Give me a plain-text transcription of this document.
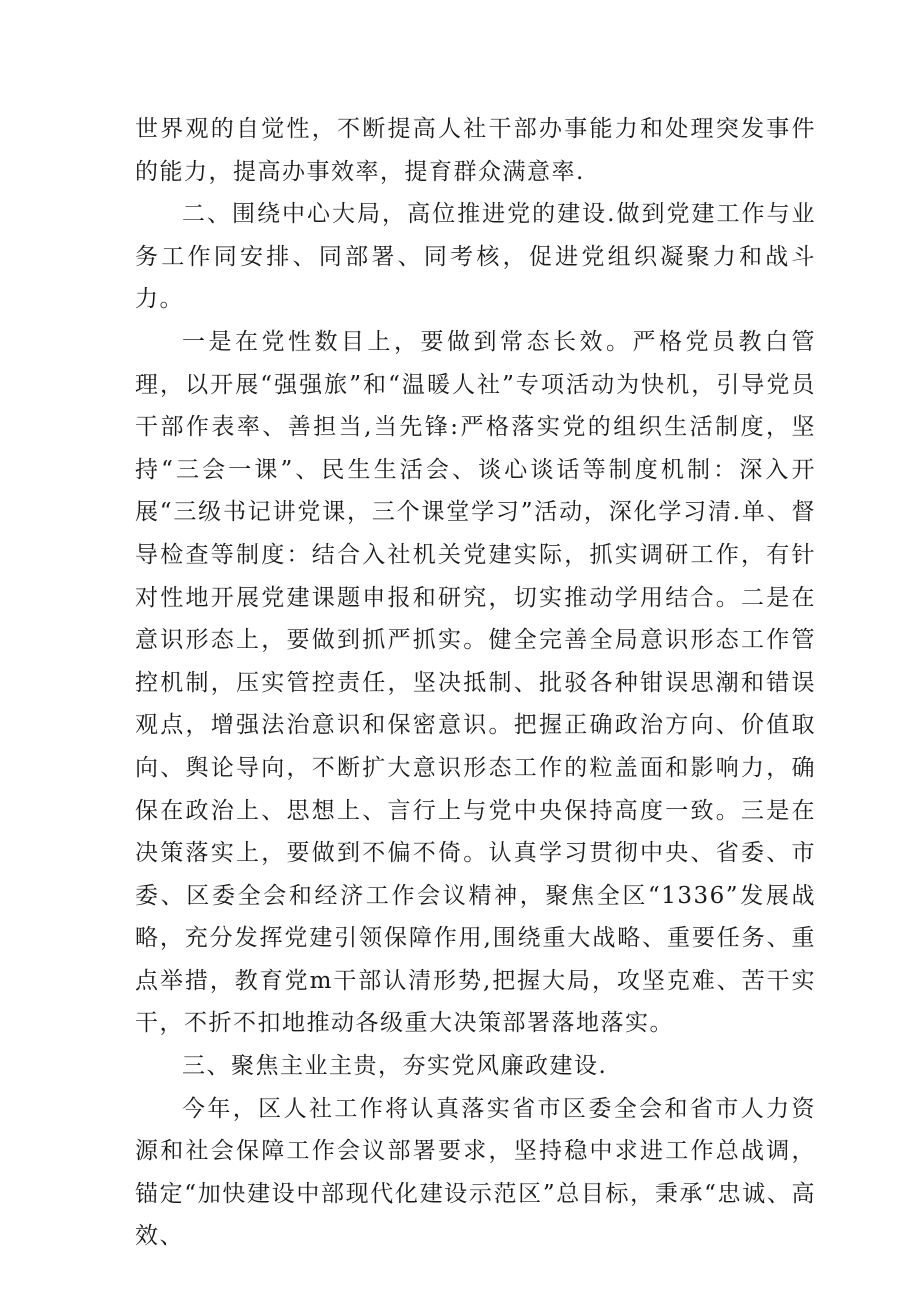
世界观的自觉性，不断提高人社干部办事能力和处理突发事件的能力，提高办事效率，提育群众满意率.

二、围绕中心大局，高位推进党的建设.做到党建工作与业务工作同安排、同部署、同考核，促进党组织凝聚力和战斗力。

一是在党性数目上，要做到常态长效。严格党员教白管理，以开展“强强旅”和“温暖人社”专项活动为快机，引导党员干部作表率、善担当,当先锋:严格落实党的组织生活制度，坚持“三会一课”、民生生活会、谈心谈话等制度机制：深入开展“三级书记讲党课，三个课堂学习”活动，深化学习清.单、督导检查等制度：结合入社机关党建实际，抓实调研工作，有针对性地开展党建课题申报和研究，切实推动学用结合。二是在意识形态上，要做到抓严抓实。健全完善全局意识形态工作管控机制，压实管控责任，坚决抵制、批驳各种钳误思潮和错误观点，增强法治意识和保密意识。把握正确政治方向、价值取向、舆论导向，不断扩大意识形态工作的粒盖面和影响力，确保在政治上、思想上、言行上与党中央保持高度一致。三是在决策落实上，要做到不偏不倚。认真学习贯彻中央、省委、市委、区委全会和经济工作会议精神，聚焦全区“1336”发展战略，充分发挥党建引领保障作用,围绕重大战略、重要任务、重点举措，教育党m干部认清形势,把握大局，攻坚克难、苦干实干，不折不扣地推动各级重大决策部署落地落实。

三、聚焦主业主贵，夯实党风廉政建设.

今年，区人社工作将认真落实省市区委全会和省市人力资源和社会保障工作会议部署要求，坚持稳中求进工作总战调，锚定“加快建设中部现代化建设示范区”总目标，秉承“忠诚、高效、
